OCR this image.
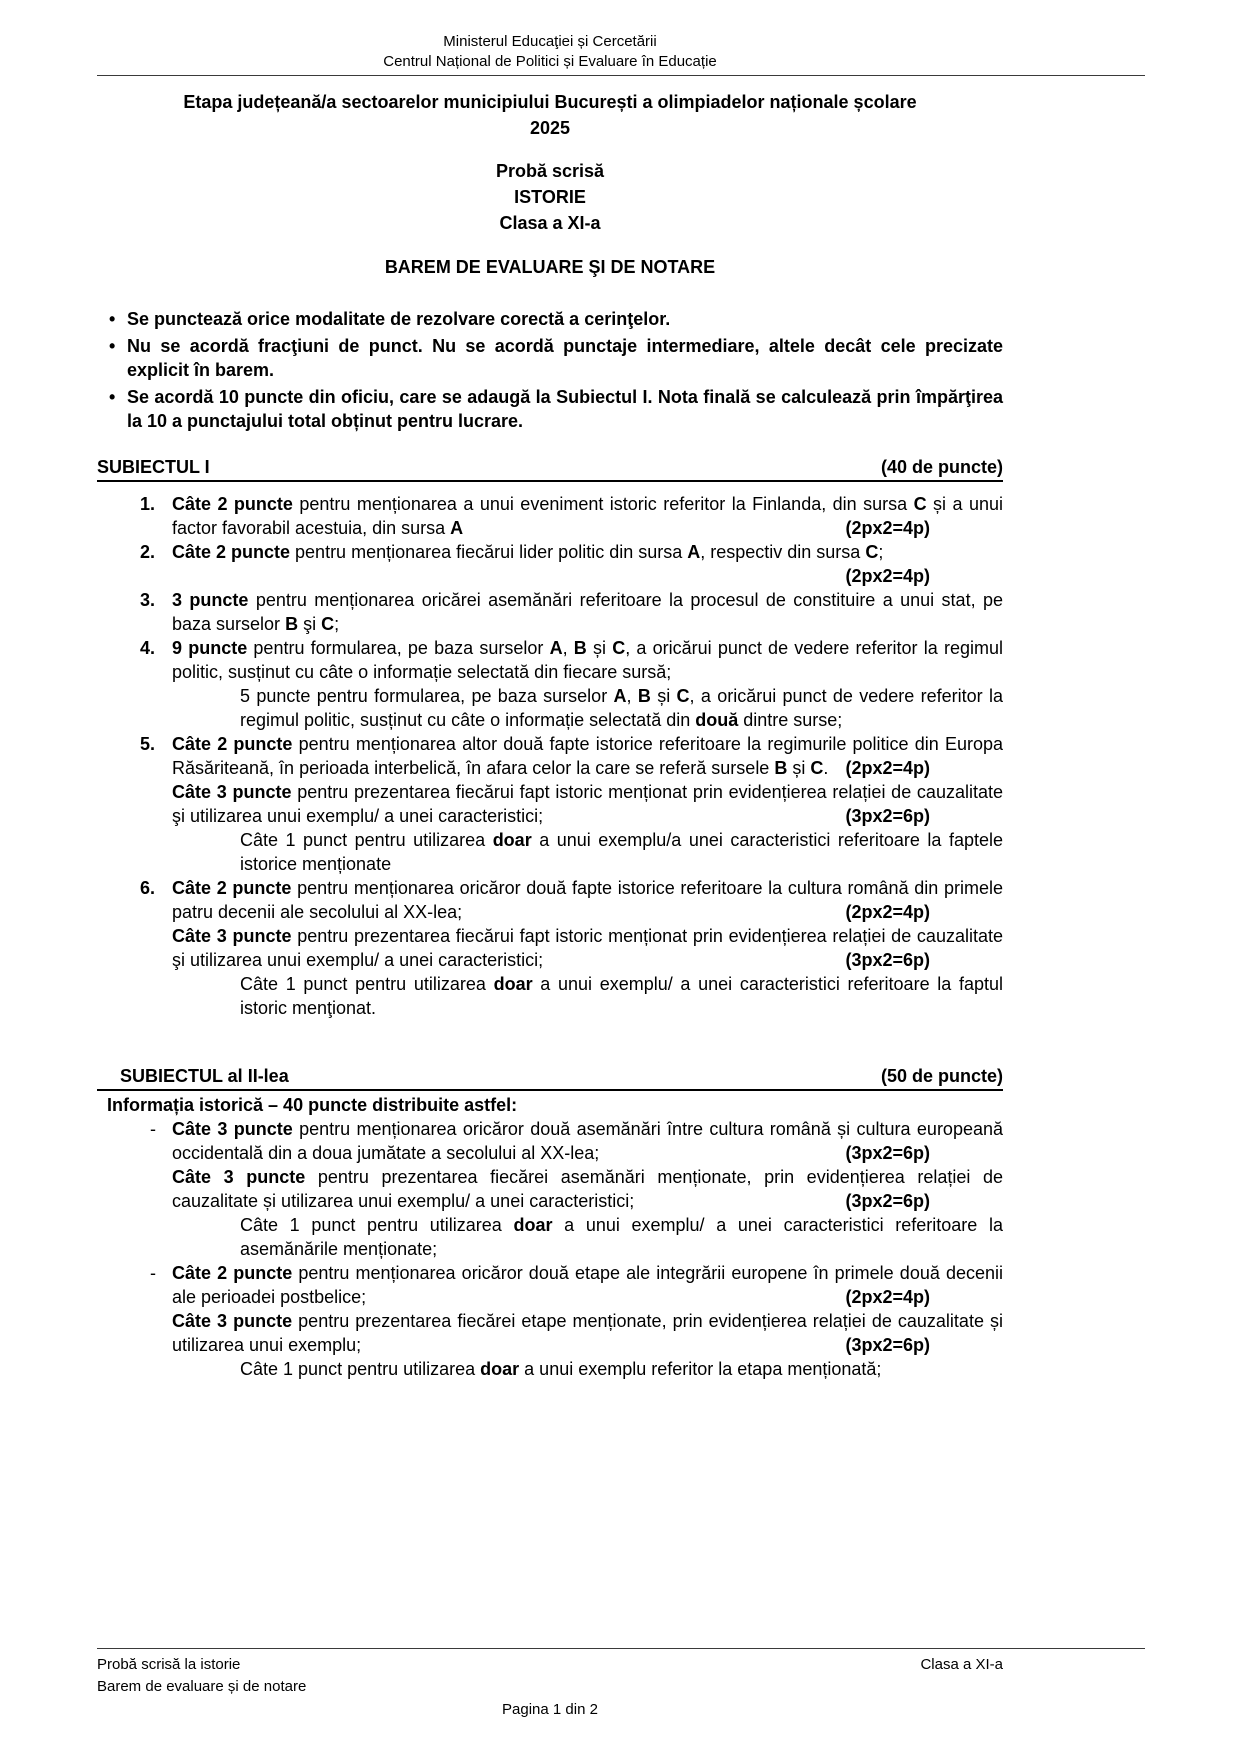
Ministerul Educaţiei și Cercetării
Centrul Național de Politici și Evaluare în Educație
Etapa județeană/a sectoarelor municipiului București a olimpiadelor naționale școlare
2025
Probă scrisă
ISTORIE
Clasa a XI-a
BAREM DE EVALUARE ŞI DE NOTARE
• Se punctează orice modalitate de rezolvare corectă a cerinţelor.
• Nu se acordă fracţiuni de punct. Nu se acordă punctaje intermediare, altele decât cele precizate explicit în barem.
• Se acordă 10 puncte din oficiu, care se adaugă la Subiectul I. Nota finală se calculează prin împărţirea la 10 a punctajului total obținut pentru lucrare.
SUBIECTUL I	(40 de puncte)
1. Câte 2 puncte pentru menționarea a unui eveniment istoric referitor la Finlanda, din sursa C și a unui factor favorabil acestuia, din sursa A	(2px2=4p)
2. Câte 2 puncte pentru menționarea fiecărui lider politic din sursa A, respectiv din sursa C;
(2px2=4p)
3. 3 puncte pentru menționarea oricărei asemănări referitoare la procesul de constituire a unui stat, pe baza surselor B şi C;
4. 9 puncte pentru formularea, pe baza surselor A, B și C, a oricărui punct de vedere referitor la regimul politic, susținut cu câte o informație selectată din fiecare sursă;
5 puncte pentru formularea, pe baza surselor A, B și C, a oricărui punct de vedere referitor la regimul politic, susținut cu câte o informație selectată din două dintre surse;
5. Câte 2 puncte pentru menționarea altor două fapte istorice referitoare la regimurile politice din Europa Răsăriteană, în perioada interbelică, în afara celor la care se referă sursele B și C. (2px2=4p)
Câte 3 puncte pentru prezentarea fiecărui fapt istoric menționat prin evidențierea relației de cauzalitate şi utilizarea unui exemplu/ a unei caracteristici;	(3px2=6p)
Câte 1 punct pentru utilizarea doar a unui exemplu/a unei caracteristici referitoare la faptele istorice menționate
6. Câte 2 puncte pentru menționarea oricăror două fapte istorice referitoare la cultura română din primele patru decenii ale secolului al XX-lea;	(2px2=4p)
Câte 3 puncte pentru prezentarea fiecărui fapt istoric menționat prin evidențierea relației de cauzalitate şi utilizarea unui exemplu/ a unei caracteristici;	(3px2=6p)
Câte 1 punct pentru utilizarea doar a unui exemplu/ a unei caracteristici referitoare la faptul istoric menţionat.
SUBIECTUL al II-lea	(50 de puncte)
Informația istorică – 40 puncte distribuite astfel:
- Câte 3 puncte pentru menționarea oricăror două asemănări între cultura română și cultura europeană occidentală din a doua jumătate a secolului al XX-lea;	(3px2=6p)
Câte 3 puncte pentru prezentarea fiecărei asemănări menționate, prin evidențierea relației de cauzalitate și utilizarea unui exemplu/ a unei caracteristici;	(3px2=6p)
Câte 1 punct pentru utilizarea doar a unui exemplu/ a unei caracteristici referitoare la asemănările menționate;
- Câte 2 puncte pentru menționarea oricăror două etape ale integrării europene în primele două decenii ale perioadei postbelice;	(2px2=4p)
Câte 3 puncte pentru prezentarea fiecărei etape menționate, prin evidențierea relației de cauzalitate și utilizarea unui exemplu;	(3px2=6p)
Câte 1 punct pentru utilizarea doar a unui exemplu referitor la etapa menționată;
Probă scrisă la istorie
Barem de evaluare și de notare
Clasa a XI-a
Pagina 1 din 2
